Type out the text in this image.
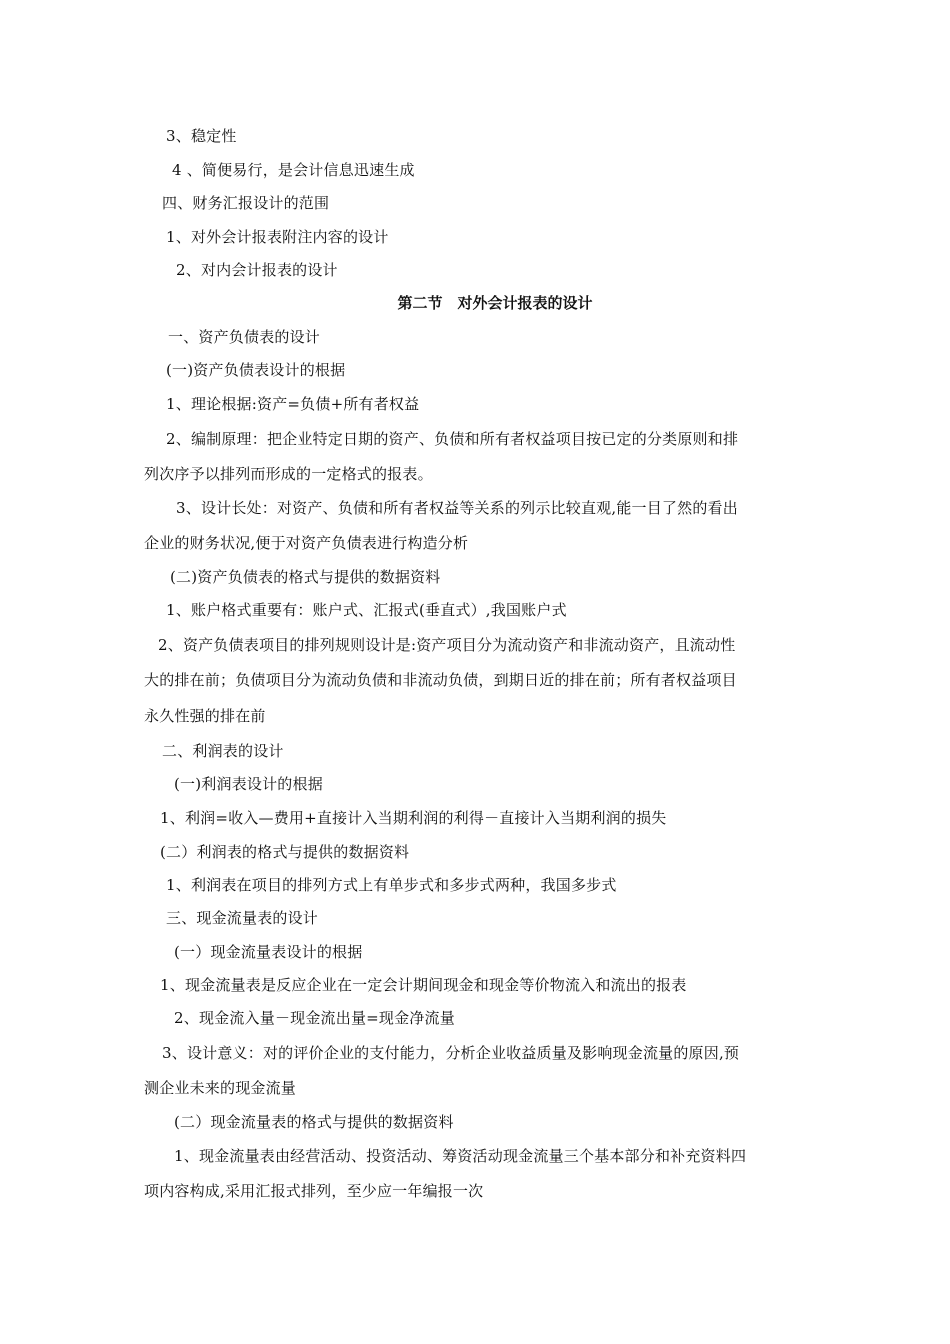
3、稳定性
4 、简便易行，是会计信息迅速生成
四、财务汇报设计的范围
1、对外会计报表附注内容的设计
2、对内会计报表的设计
第二节　对外会计报表的设计
一、资产负债表的设计
(一)资产负债表设计的根据
1、理论根据:资产=负债+所有者权益
2、编制原理：把企业特定日期的资产、负债和所有者权益项目按已定的分类原则和排
列次序予以排列而形成的一定格式的报表。
3、设计长处：对资产、负债和所有者权益等关系的列示比较直观,能一目了然的看出
企业的财务状况,便于对资产负债表进行构造分析
(二)资产负债表的格式与提供的数据资料
1、账户格式重要有：账户式、汇报式(垂直式）,我国账户式
2、资产负债表项目的排列规则设计是:资产项目分为流动资产和非流动资产，且流动性
大的排在前；负债项目分为流动负债和非流动负债，到期日近的排在前；所有者权益项目
永久性强的排在前
二、利润表的设计
(一)利润表设计的根据
1、利润=收入—费用+直接计入当期利润的利得－直接计入当期利润的损失
(二）利润表的格式与提供的数据资料
1、利润表在项目的排列方式上有单步式和多步式两种，我国多步式
三、现金流量表的设计
(一）现金流量表设计的根据
1、现金流量表是反应企业在一定会计期间现金和现金等价物流入和流出的报表
2、现金流入量－现金流出量=现金净流量
3、设计意义：对的评价企业的支付能力，分析企业收益质量及影响现金流量的原因,预
测企业未来的现金流量
(二）现金流量表的格式与提供的数据资料
1、现金流量表由经营活动、投资活动、筹资活动现金流量三个基本部分和补充资料四
项内容构成,采用汇报式排列，至少应一年编报一次
